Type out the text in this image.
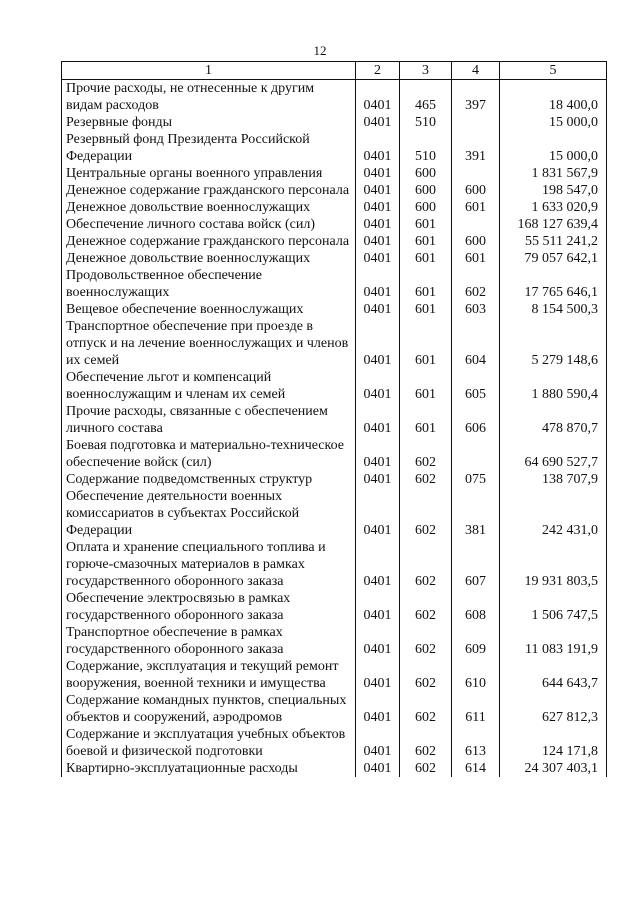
12
1	2	3	4	5
Прочие расходы, не отнесенные к другим видам расходов	0401	465	397	18 400,0
Резервные фонды	0401	510		15 000,0
Резервный фонд Президента Российской Федерации	0401	510	391	15 000,0
Центральные органы военного управления	0401	600		1 831 567,9
Денежное содержание гражданского персонала	0401	600	600	198 547,0
Денежное довольствие военнослужащих	0401	600	601	1 633 020,9
Обеспечение личного состава войск (сил)	0401	601		168 127 639,4
Денежное содержание гражданского персонала	0401	601	600	55 511 241,2
Денежное довольствие военнослужащих	0401	601	601	79 057 642,1
Продовольственное обеспечение военнослужащих	0401	601	602	17 765 646,1
Вещевое обеспечение военнослужащих	0401	601	603	8 154 500,3
Транспортное обеспечение при проезде в отпуск и на лечение военнослужащих и членов их семей	0401	601	604	5 279 148,6
Обеспечение льгот и компенсаций военнослужащим и членам их семей	0401	601	605	1 880 590,4
Прочие расходы, связанные с обеспечением личного состава	0401	601	606	478 870,7
Боевая подготовка и материально-техническое обеспечение войск (сил)	0401	602		64 690 527,7
Содержание подведомственных структур	0401	602	075	138 707,9
Обеспечение деятельности военных комиссариатов в субъектах Российской Федерации	0401	602	381	242 431,0
Оплата и хранение специального топлива и горюче-смазочных материалов в рамках государственного оборонного заказа	0401	602	607	19 931 803,5
Обеспечение электросвязью в рамках государственного оборонного заказа	0401	602	608	1 506 747,5
Транспортное обеспечение в рамках государственного оборонного заказа	0401	602	609	11 083 191,9
Содержание, эксплуатация и текущий ремонт вооружения, военной техники и имущества	0401	602	610	644 643,7
Содержание командных пунктов, специальных объектов и сооружений, аэродромов	0401	602	611	627 812,3
Содержание и эксплуатация учебных объектов боевой и физической подготовки	0401	602	613	124 171,8
Квартирно-эксплуатационные расходы	0401	602	614	24 307 403,1
